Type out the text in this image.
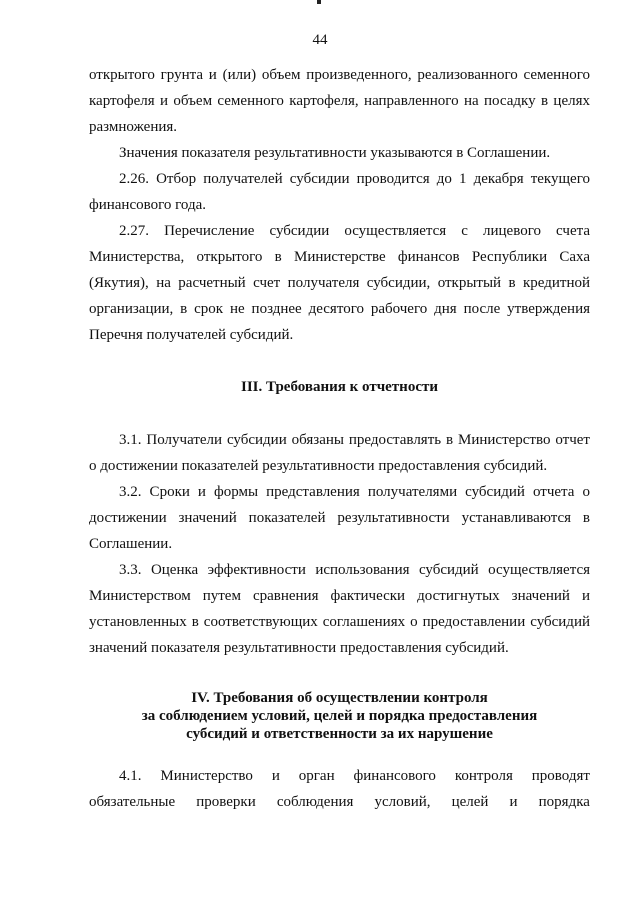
44

открытого грунта и (или) объем произведенного, реализованного семенного картофеля и объем семенного картофеля, направленного на посадку в целях размножения.

Значения показателя результативности указываются в Соглашении.

2.26. Отбор получателей субсидии проводится до 1 декабря текущего финансового года.

2.27. Перечисление субсидии осуществляется с лицевого счета Министерства, открытого в Министерстве финансов Республики Саха (Якутия), на расчетный счет получателя субсидии, открытый в кредитной организации, в срок не позднее десятого рабочего дня после утверждения Перечня получателей субсидий.

III. Требования к отчетности

3.1. Получатели субсидии обязаны предоставлять в Министерство отчет о достижении показателей результативности предоставления субсидий.

3.2. Сроки и формы представления получателями субсидий отчета о достижении значений показателей результативности устанавливаются в Соглашении.

3.3. Оценка эффективности использования субсидий осуществляется Министерством путем сравнения фактически достигнутых значений и установленных в соответствующих соглашениях о предоставлении субсидий значений показателя результативности предоставления субсидий.

IV. Требования об осуществлении контроля
за соблюдением условий, целей и порядка предоставления
субсидий и ответственности за их нарушение
4.1. Министерство и орган финансового контроля проводят
обязательные проверки соблюдения условий, целей и порядка
